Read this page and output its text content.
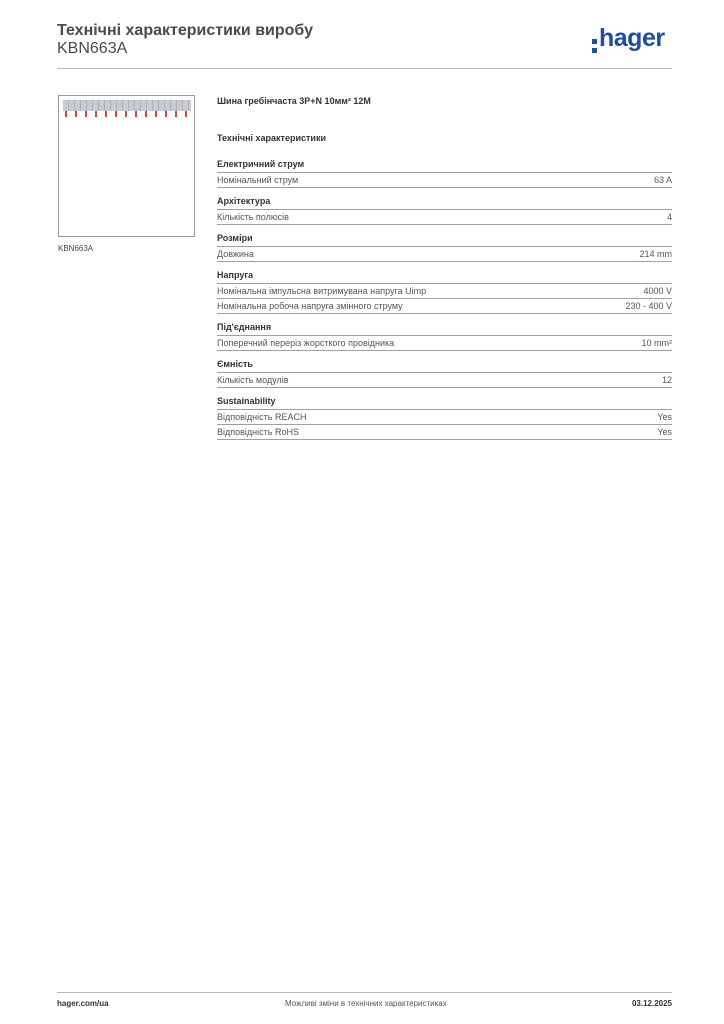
Технічні характеристики виробу
KBN663A	hager
KBN663A
Шина гребінчаста 3P+N 10мм² 12M
Технічні характеристики
Електричний струм
Номінальний струм	63 A
Архітектура
Кількість полюсів	4
Розміри
Довжина	214 mm
Напруга
Номінальна імпульсна витримувана напруга Uimp	4000 V
Номінальна робоча напруга змінного струму	230 - 400 V
Під'єднання
Поперечний переріз жорсткого провідника	10 mm²
Ємність
Кількість модулів	12
Sustainability
Відповідність REACH	Yes
Відповідність RoHS	Yes
hager.com/ua	Можливі зміни в технічних характеристиках	03.12.2025
